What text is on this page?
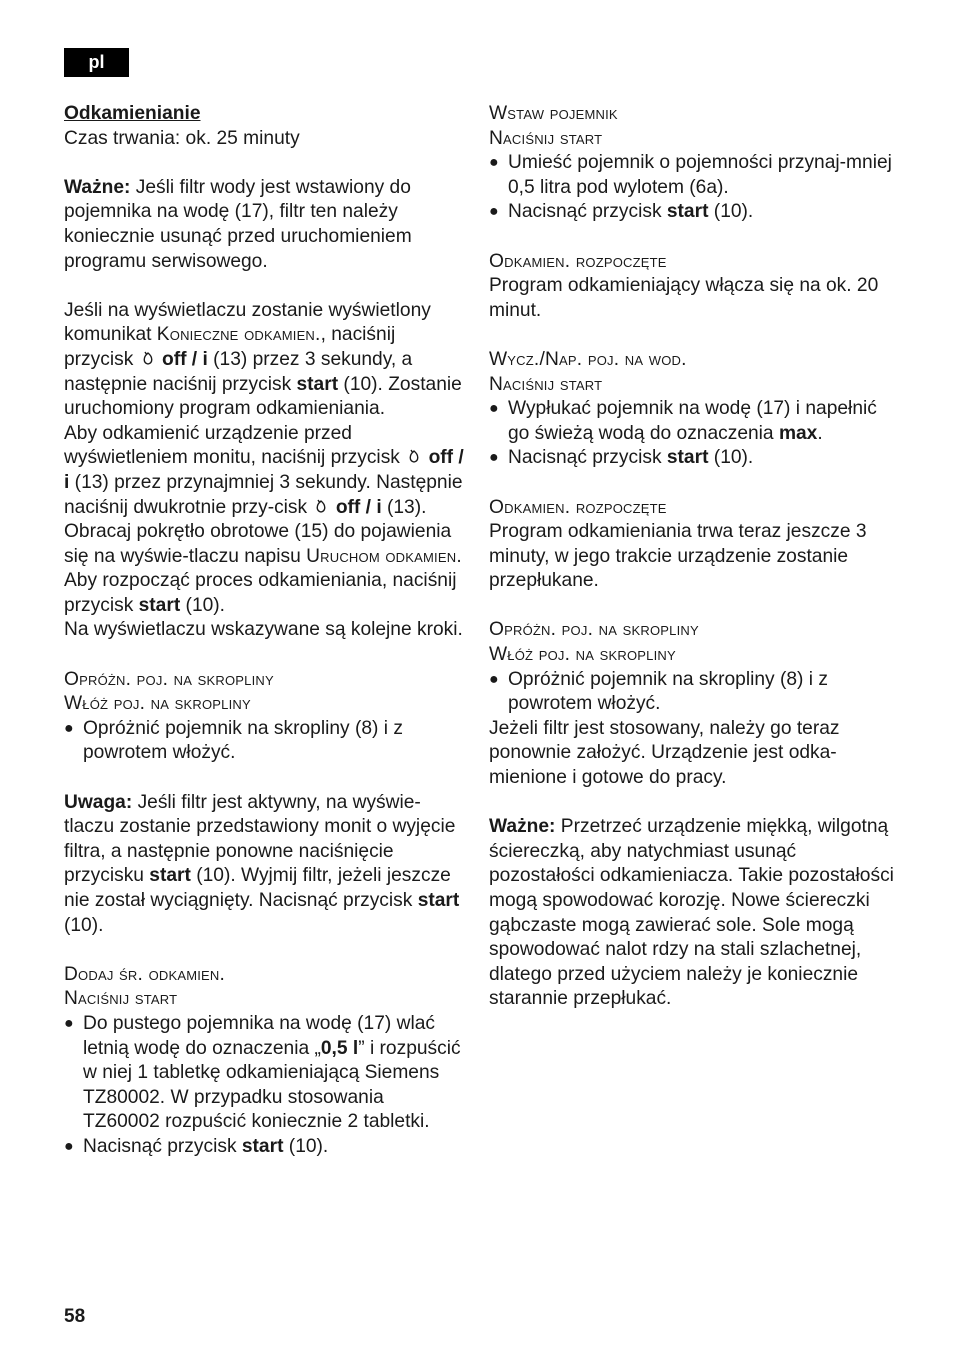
pl

Odkamienianie

Czas trwania: ok. 25 minuty

Ważne: Jeśli filtr wody jest wstawiony do pojemnika na wodę (17), filtr ten należy koniecznie usunąć przed uruchomieniem programu serwisowego.

Jeśli na wyświetlaczu zostanie wyświetlony komunikat Konieczne odkamien., naciśnij przycisk  off / i (13) przez 3 sekundy, a następnie naciśnij przycisk start (10). Zostanie uruchomiony program odkamieniania.

Aby odkamienić urządzenie przed wyświetleniem monitu, naciśnij przycisk  off / i (13) przez przynajmniej 3 sekundy. Następnie naciśnij dwukrotnie przy-cisk  off / i (13). Obracaj pokrętło obrotowe (15) do pojawienia się na wyświe-tlaczu napisu Uruchom odkamien. Aby rozpocząć proces odkamieniania, naciśnij przycisk start (10).

Na wyświetlaczu wskazywane są kolejne kroki.

Opróżn. poj. na skropliny

Włóż poj. na skropliny

● Opróżnić pojemnik na skropliny (8) i z powrotem włożyć.

Uwaga: Jeśli filtr jest aktywny, na wyświe-tlaczu zostanie przedstawiony monit o wyjęcie filtra, a następnie ponowne naciśnięcie przycisku start (10). Wyjmij filtr, jeżeli jeszcze nie został wyciągnięty. Nacisnąć przycisk start (10).

Dodaj śr. odkamien.

Naciśnij start

● Do pustego pojemnika na wodę (17) wlać letnią wodę do oznaczenia „0,5 l” i rozpuścić w niej 1 tabletkę odkamieniającą Siemens TZ80002. W przypadku stosowania TZ60002 rozpuścić koniecznie 2 tabletki.

● Nacisnąć przycisk start (10).

Wstaw pojemnik

Naciśnij start

● Umieść pojemnik o pojemności przynaj-mniej 0,5 litra pod wylotem (6a).

● Nacisnąć przycisk start (10).

Odkamien. rozpoczęte

Program odkamieniający włącza się na ok. 20 minut.

Wycz./Nap. poj. na wod.

Naciśnij start

● Wypłukać pojemnik na wodę (17) i napełnić go świeżą wodą do oznaczenia max.

● Nacisnąć przycisk start (10).

Odkamien. rozpoczęte

Program odkamieniania trwa teraz jeszcze 3 minuty, w jego trakcie urządzenie zostanie przepłukane.

Opróżn. poj. na skropliny

Włóż poj. na skropliny

● Opróżnić pojemnik na skropliny (8) i z powrotem włożyć.

Jeżeli filtr jest stosowany, należy go teraz ponownie założyć. Urządzenie jest odka-mienione i gotowe do pracy.

Ważne: Przetrzeć urządzenie miękką, wilgotną ściereczką, aby natychmiast usunąć pozostałości odkamieniacza. Takie pozostałości mogą spowodować korozję. Nowe ściereczki gąbczaste mogą zawierać sole. Sole mogą spowodować nalot rdzy na stali szlachetnej, dlatego przed użyciem należy je koniecznie starannie przepłukać.

58
